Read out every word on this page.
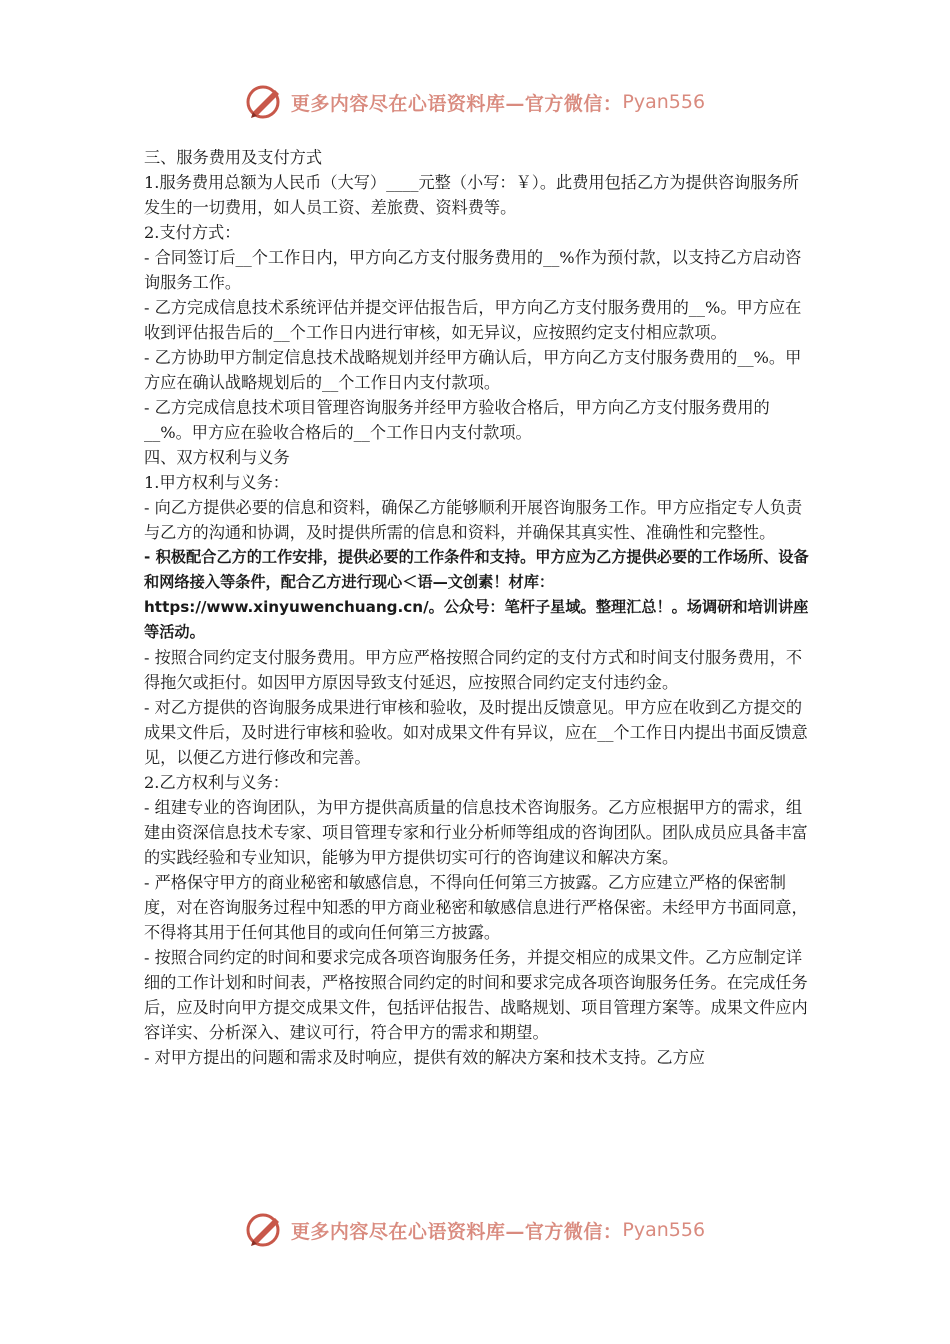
更多内容尽在心语资料库—官方微信： Pyan556

三、服务费用及支付方式

1.服务费用总额为人民币（大写）____元整（小写：￥）。此费用包括乙方为提供咨询服务所发生的一切费用，如人员工资、差旅费、资料费等。

2.支付方式：

- 合同签订后__个工作日内，甲方向乙方支付服务费用的__%作为预付款，以支持乙方启动咨询服务工作。

- 乙方完成信息技术系统评估并提交评估报告后，甲方向乙方支付服务费用的__%。甲方应在收到评估报告后的__个工作日内进行审核，如无异议，应按照约定支付相应款项。

- 乙方协助甲方制定信息技术战略规划并经甲方确认后，甲方向乙方支付服务费用的__%。甲方应在确认战略规划后的__个工作日内支付款项。

- 乙方完成信息技术项目管理咨询服务并经甲方验收合格后，甲方向乙方支付服务费用的__%。甲方应在验收合格后的__个工作日内支付款项。

四、双方权利与义务

1.甲方权利与义务：

- 向乙方提供必要的信息和资料，确保乙方能够顺利开展咨询服务工作。甲方应指定专人负责与乙方的沟通和协调，及时提供所需的信息和资料，并确保其真实性、准确性和完整性。

- 积极配合乙方的工作安排，提供必要的工作条件和支持。甲方应为乙方提供必要的工作场所、设备和网络接入等条件，配合乙方进行现心＜语—文创素！材库：https://www.xinyuwenchuang.cn/。公众号：笔杆子星域。整理汇总！。场调研和培训讲座等活动。

- 按照合同约定支付服务费用。甲方应严格按照合同约定的支付方式和时间支付服务费用，不得拖欠或拒付。如因甲方原因导致支付延迟，应按照合同约定支付违约金。

- 对乙方提供的咨询服务成果进行审核和验收，及时提出反馈意见。甲方应在收到乙方提交的成果文件后，及时进行审核和验收。如对成果文件有异议，应在__个工作日内提出书面反馈意见，以便乙方进行修改和完善。

2.乙方权利与义务：

- 组建专业的咨询团队，为甲方提供高质量的信息技术咨询服务。乙方应根据甲方的需求，组建由资深信息技术专家、项目管理专家和行业分析师等组成的咨询团队。团队成员应具备丰富的实践经验和专业知识，能够为甲方提供切实可行的咨询建议和解决方案。

- 严格保守甲方的商业秘密和敏感信息，不得向任何第三方披露。乙方应建立严格的保密制度，对在咨询服务过程中知悉的甲方商业秘密和敏感信息进行严格保密。未经甲方书面同意，不得将其用于任何其他目的或向任何第三方披露。

- 按照合同约定的时间和要求完成各项咨询服务任务，并提交相应的成果文件。乙方应制定详细的工作计划和时间表，严格按照合同约定的时间和要求完成各项咨询服务任务。在完成任务后，应及时向甲方提交成果文件，包括评估报告、战略规划、项目管理方案等。成果文件应内容详实、分析深入、建议可行，符合甲方的需求和期望。

- 对甲方提出的问题和需求及时响应，提供有效的解决方案和技术支持。乙方应

更多内容尽在心语资料库—官方微信： Pyan556
